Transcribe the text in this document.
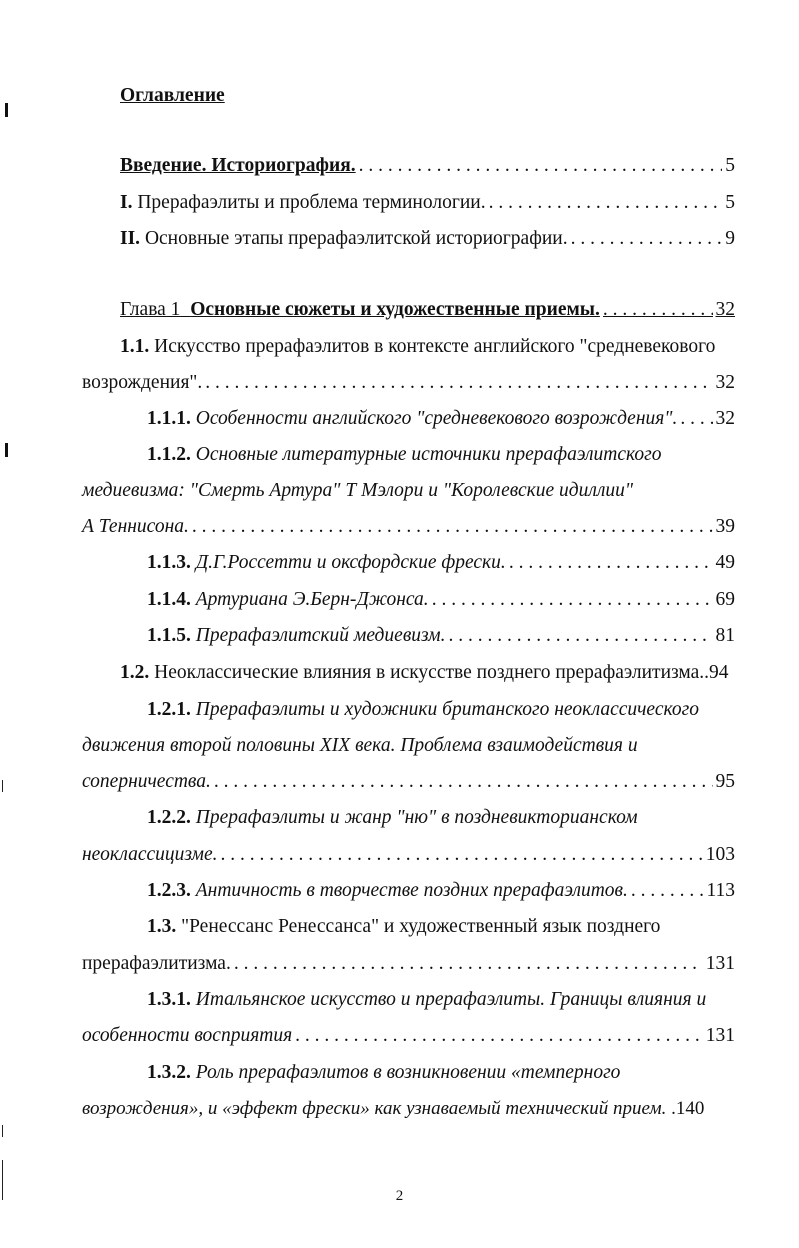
Оглавление
Введение. Историография. . . .	5
I. Прерафаэлиты и проблема терминологии. . . .	5
II. Основные этапы прерафаэлитской историографии. . . .	9
Глава 1 Основные сюжеты и художественные приемы. . . .	32
1.1. Искусство прерафаэлитов в контексте английского "средневекового
возрождения". . . .	32
1.1.1. Особенности английского "средневекового возрождения". . . . 32
1.1.2. Основные литературные источники прерафаэлитского
медиевизма: "Смерть Артура" Т Мэлори и "Королевские идиллии"
А Теннисона. . . .	39
1.1.3. Д.Г.Россетти и оксфордские фрески. . . .	49
1.1.4. Артуриана Э.Берн-Джонса. . . .	69
1.1.5. Прерафаэлитский медиевизм. . . .	81
1.2. Неоклассические влияния в искусстве позднего прерафаэлитизма..94
1.2.1. Прерафаэлиты и художники британского неоклассического
движения второй половины XIX века. Проблема взаимодействия и
соперничества. . . .	95
1.2.2. Прерафаэлиты и жанр "ню" в поздневикторианском
неоклассицизме. . . .	103
1.2.3. Античность в творчестве поздних прерафаэлитов. . . .	113
1.3. "Ренессанс Ренессанса" и художественный язык позднего
прерафаэлитизма. . . .	131
1.3.1. Итальянское искусство и прерафаэлиты. Границы влияния и
особенности восприятия . . .	131
1.3.2. Роль прерафаэлитов в возникновении «темперного
возрождения», и «эффект фрески» как узнаваемый технический прием. .140
2
